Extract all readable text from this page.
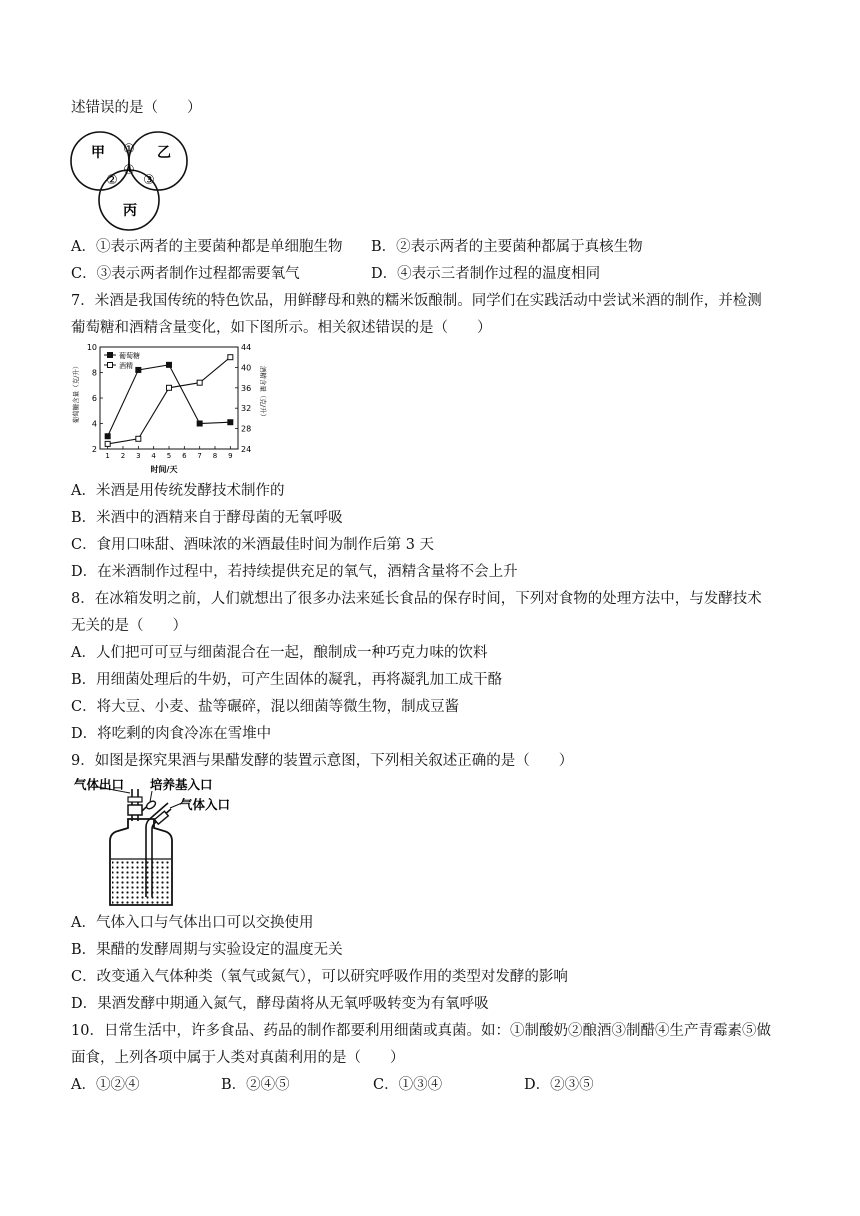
述错误的是（　　）
甲	乙
丙
①
② ③
④
A．①表示两者的主要菌种都是单细胞生物 B．②表示两者的主要菌种都属于真核生物
C．③表示两者制作过程都需要氧气	D．④表示三者制作过程的温度相同
7．米酒是我国传统的特色饮品，用鲜酵母和熟的糯米饭酿制。同学们在实践活动中尝试米酒的制作，并检测
葡萄糖和酒精含量变化，如下图所示。相关叙述错误的是（　　）
葡萄糖含量（克/升）	酒精含量（克/升）
时间/天
1 2 3 4 5 6 7 8 9
2
4
6
8
10
24
28
32
36
40
44
葡萄糖
酒精
A．米酒是用传统发酵技术制作的
B．米酒中的酒精来自于酵母菌的无氧呼吸
C．食用口味甜、酒味浓的米酒最佳时间为制作后第 3 天
D．在米酒制作过程中，若持续提供充足的氧气，酒精含量将不会上升
8．在冰箱发明之前，人们就想出了很多办法来延长食品的保存时间，下列对食物的处理方法中，与发酵技术
无关的是（　　）
A．人们把可可豆与细菌混合在一起，酿制成一种巧克力味的饮料
B．用细菌处理后的牛奶，可产生固体的凝乳，再将凝乳加工成干酪
C．将大豆、小麦、盐等碾碎，混以细菌等微生物，制成豆酱
D．将吃剩的肉食冷冻在雪堆中
9．如图是探究果酒与果醋发酵的装置示意图，下列相关叙述正确的是（　　）
气体出口 培养基入口
气体入口
A．气体入口与气体出口可以交换使用
B．果醋的发酵周期与实验设定的温度无关
C．改变通入气体种类（氧气或氮气），可以研究呼吸作用的类型对发酵的影响
D．果酒发酵中期通入氮气，酵母菌将从无氧呼吸转变为有氧呼吸
10．日常生活中，许多食品、药品的制作都要利用细菌或真菌。如：①制酸奶②酿酒③制醋④生产青霉素⑤做
面食，上列各项中属于人类对真菌利用的是（　　）
A．①②④	B．②④⑤	C．①③④	D．②③⑤
